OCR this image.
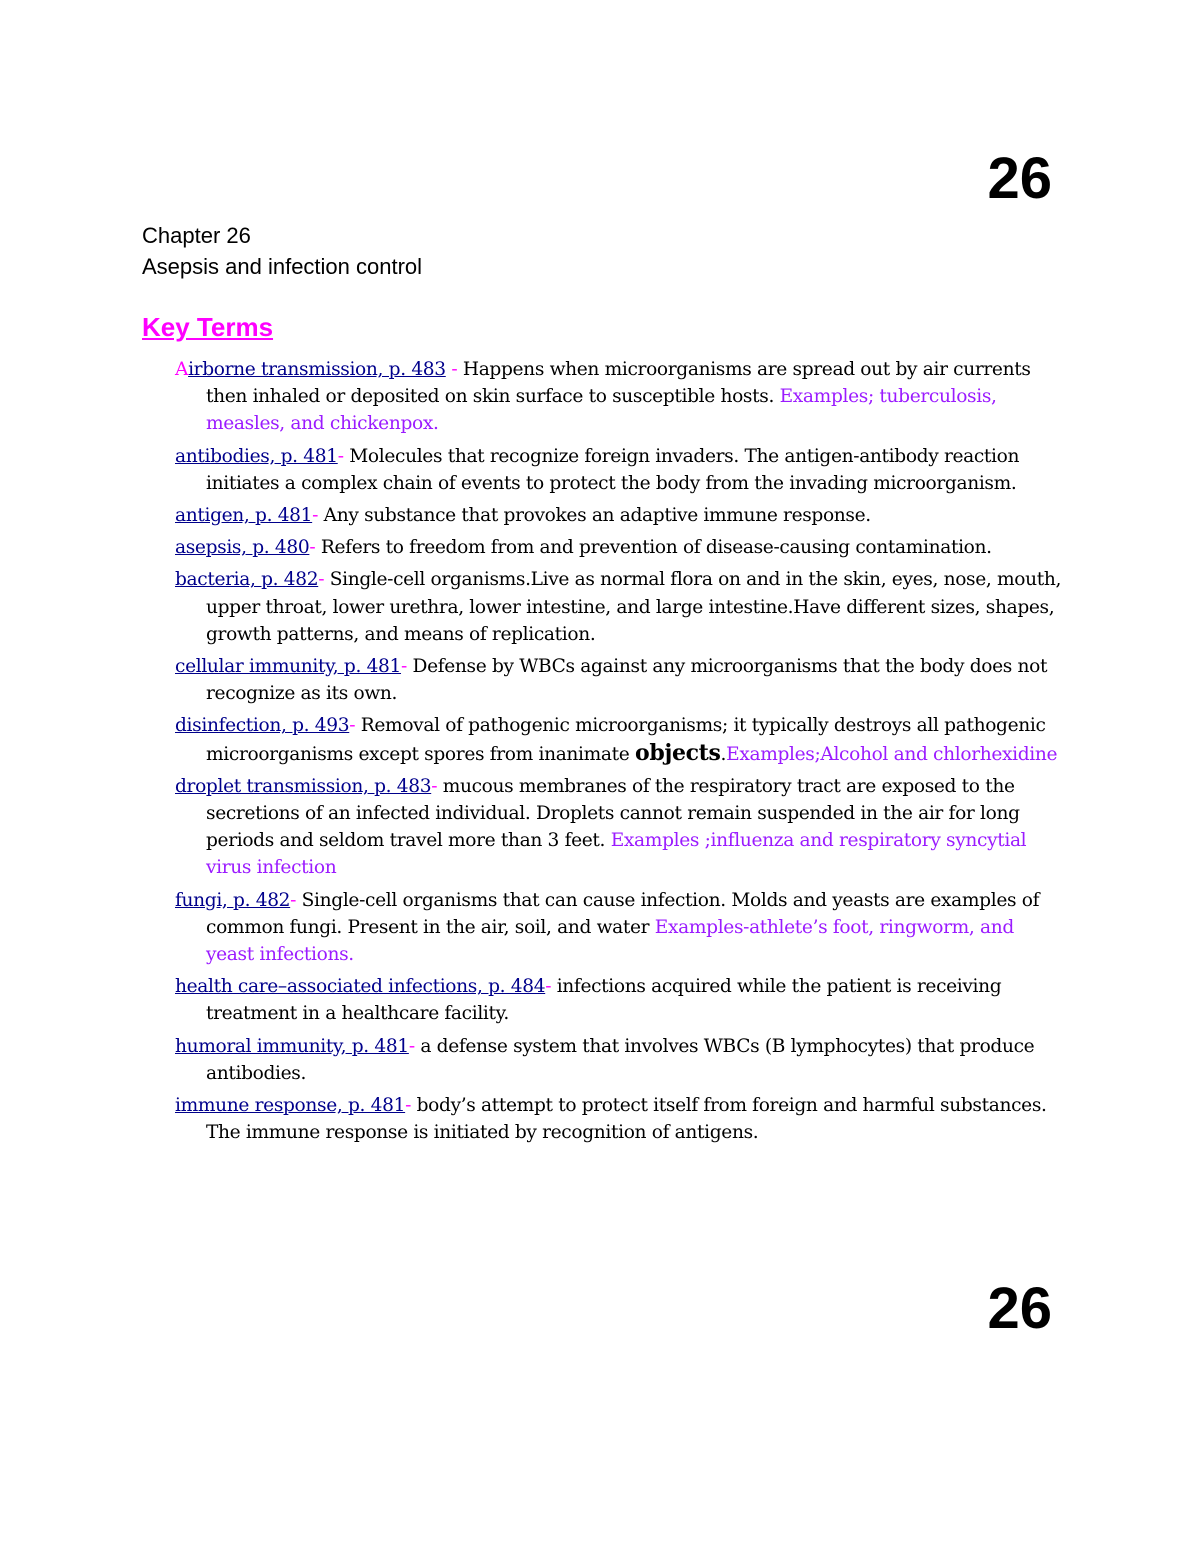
26
Chapter 26
Asepsis and infection control
Key Terms
Airborne transmission, p. 483 - Happens when microorganisms are spread out by air currents then inhaled or deposited on skin surface to susceptible hosts. Examples; tuberculosis, measles, and chickenpox.
antibodies, p. 481- Molecules that recognize foreign invaders. The antigen-antibody reaction initiates a complex chain of events to protect the body from the invading microorganism.
antigen, p. 481- Any substance that provokes an adaptive immune response.
asepsis, p. 480- Refers to freedom from and prevention of disease-causing contamination.
bacteria, p. 482- Single-cell organisms.Live as normal flora on and in the skin, eyes, nose, mouth, upper throat, lower urethra, lower intestine, and large intestine.Have different sizes, shapes, growth patterns, and means of replication.
cellular immunity, p. 481- Defense by WBCs against any microorganisms that the body does not recognize as its own.
disinfection, p. 493- Removal of pathogenic microorganisms; it typically destroys all pathogenic microorganisms except spores from inanimate objects.Examples;Alcohol and chlorhexidine
droplet transmission, p. 483- mucous membranes of the respiratory tract are exposed to the secretions of an infected individual. Droplets cannot remain suspended in the air for long periods and seldom travel more than 3 feet. Examples ;influenza and respiratory syncytial virus infection
fungi, p. 482- Single-cell organisms that can cause infection. Molds and yeasts are examples of common fungi. Present in the air, soil, and water Examples-athlete’s foot, ringworm, and yeast infections.
health care–associated infections, p. 484- infections acquired while the patient is receiving treatment in a healthcare facility.
humoral immunity, p. 481- a defense system that involves WBCs (B lymphocytes) that produce antibodies.
immune response, p. 481- body’s attempt to protect itself from foreign and harmful substances. The immune response is initiated by recognition of antigens.
26
